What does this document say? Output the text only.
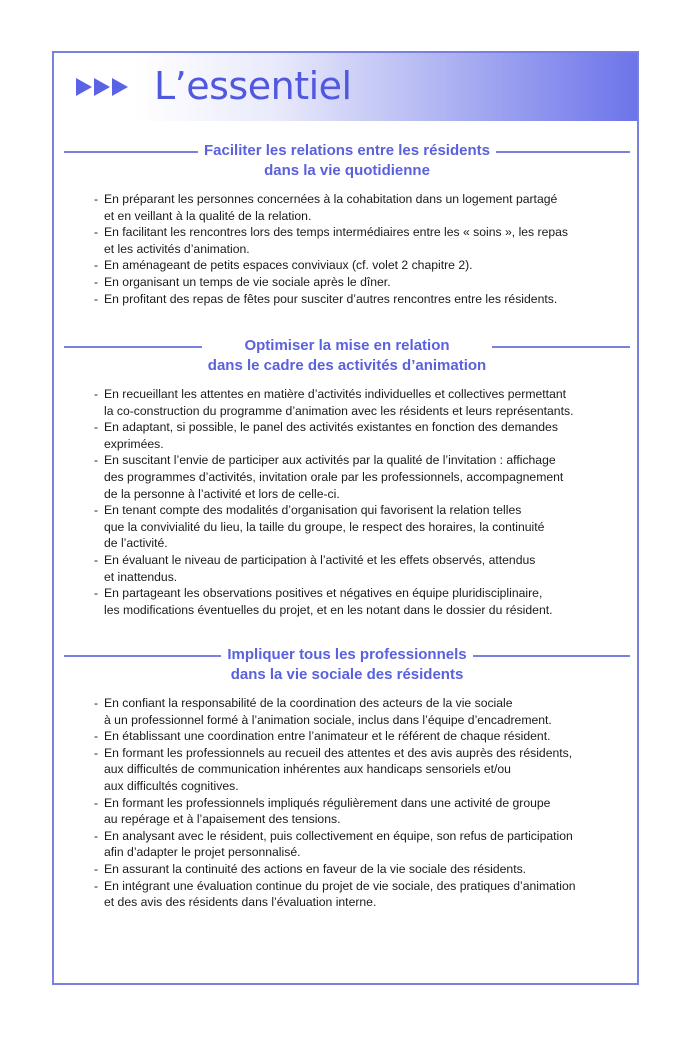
L’essentiel
Faciliter les relations entre les résidents
dans la vie quotidienne
- En préparant les personnes concernées à la cohabitation dans un logement partagé
et en veillant à la qualité de la relation.
- En facilitant les rencontres lors des temps intermédiaires entre les « soins », les repas
et les activités d’animation.
- En aménageant de petits espaces conviviaux (cf. volet 2 chapitre 2).
- En organisant un temps de vie sociale après le dîner.
- En profitant des repas de fêtes pour susciter d’autres rencontres entre les résidents.
Optimiser la mise en relation
dans le cadre des activités d’animation
- En recueillant les attentes en matière d’activités individuelles et collectives permettant
la co-construction du programme d’animation avec les résidents et leurs représentants.
- En adaptant, si possible, le panel des activités existantes en fonction des demandes
exprimées.
- En suscitant l’envie de participer aux activités par la qualité de l’invitation : affichage
des programmes d’activités, invitation orale par les professionnels, accompagnement
de la personne à l’activité et lors de celle-ci.
- En tenant compte des modalités d’organisation qui favorisent la relation telles
que la convivialité du lieu, la taille du groupe, le respect des horaires, la continuité
de l’activité.
- En évaluant le niveau de participation à l’activité et les effets observés, attendus
et inattendus.
- En partageant les observations positives et négatives en équipe pluridisciplinaire,
les modifications éventuelles du projet, et en les notant dans le dossier du résident.
Impliquer tous les professionnels
dans la vie sociale des résidents
- En confiant la responsabilité de la coordination des acteurs de la vie sociale
à un professionnel formé à l’animation sociale, inclus dans l’équipe d’encadrement.
- En établissant une coordination entre l’animateur et le référent de chaque résident.
- En formant les professionnels au recueil des attentes et des avis auprès des résidents,
aux difficultés de communication inhérentes aux handicaps sensoriels et/ou
aux difficultés cognitives.
- En formant les professionnels impliqués régulièrement dans une activité de groupe
au repérage et à l’apaisement des tensions.
- En analysant avec le résident, puis collectivement en équipe, son refus de participation
afin d’adapter le projet personnalisé.
- En assurant la continuité des actions en faveur de la vie sociale des résidents.
- En intégrant une évaluation continue du projet de vie sociale, des pratiques d’animation
et des avis des résidents dans l’évaluation interne.
